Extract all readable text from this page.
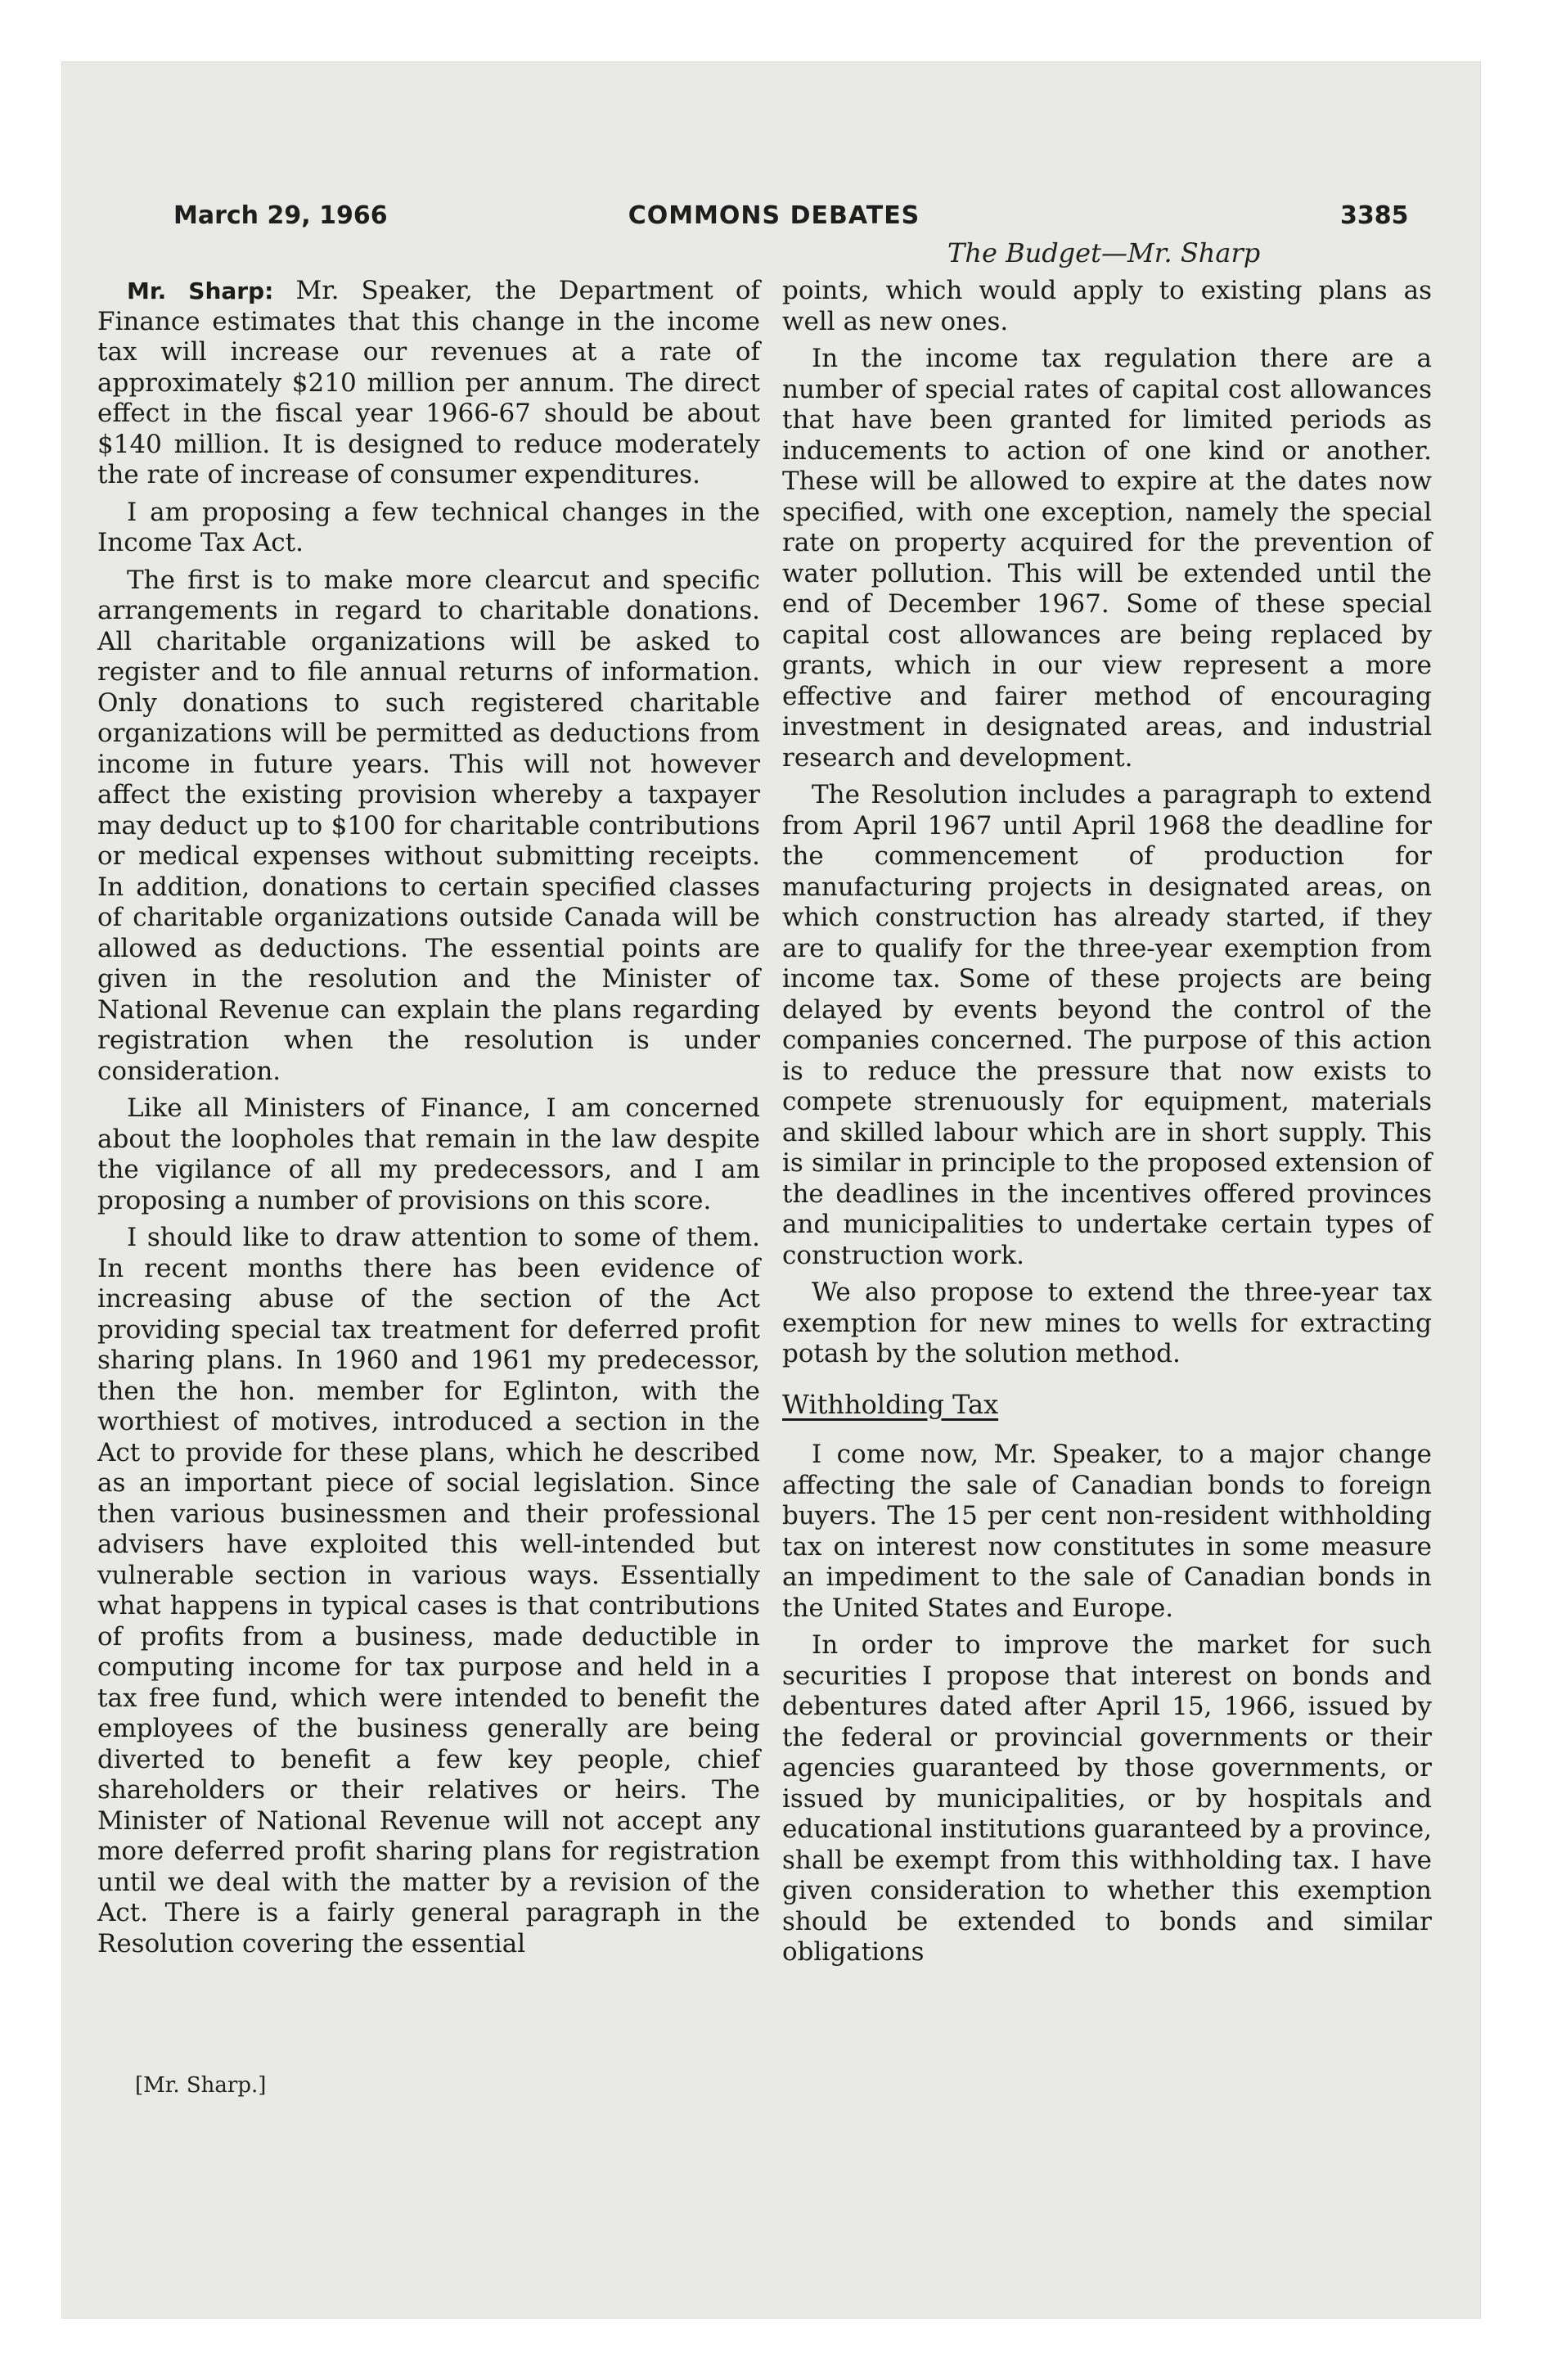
March 29, 1966	COMMONS DEBATES	3385
The Budget—Mr. Sharp

Mr. Sharp: Mr. Speaker, the Department of Finance estimates that this change in the income tax will increase our revenues at a rate of approximately $210 million per annum. The direct effect in the fiscal year 1966-67 should be about $140 million. It is designed to reduce moderately the rate of increase of consumer expenditures.

I am proposing a few technical changes in the Income Tax Act.

The first is to make more clearcut and specific arrangements in regard to charitable donations. All charitable organizations will be asked to register and to file annual returns of information. Only donations to such registered charitable organizations will be permitted as deductions from income in future years. This will not however affect the existing provision whereby a taxpayer may deduct up to $100 for charitable contributions or medical expenses without submitting receipts. In addition, donations to certain specified classes of charitable organizations outside Canada will be allowed as deductions. The essential points are given in the resolution and the Minister of National Revenue can explain the plans regarding registration when the resolution is under consideration.

Like all Ministers of Finance, I am concerned about the loopholes that remain in the law despite the vigilance of all my predecessors, and I am proposing a number of provisions on this score.

I should like to draw attention to some of them. In recent months there has been evidence of increasing abuse of the section of the Act providing special tax treatment for deferred profit sharing plans. In 1960 and 1961 my predecessor, then the hon. member for Eglinton, with the worthiest of motives, introduced a section in the Act to provide for these plans, which he described as an important piece of social legislation. Since then various businessmen and their professional advisers have exploited this well-intended but vulnerable section in various ways. Essentially what happens in typical cases is that contributions of profits from a business, made deductible in computing income for tax purpose and held in a tax free fund, which were intended to benefit the employees of the business generally are being diverted to benefit a few key people, chief shareholders or their relatives or heirs. The Minister of National Revenue will not accept any more deferred profit sharing plans for registration until we deal with the matter by a revision of the Act. There is a fairly general paragraph in the Resolution covering the essential

points, which would apply to existing plans as well as new ones.

In the income tax regulation there are a number of special rates of capital cost allowances that have been granted for limited periods as inducements to action of one kind or another. These will be allowed to expire at the dates now specified, with one exception, namely the special rate on property acquired for the prevention of water pollution. This will be extended until the end of December 1967. Some of these special capital cost allowances are being replaced by grants, which in our view represent a more effective and fairer method of encouraging investment in designated areas, and industrial research and development.

The Resolution includes a paragraph to extend from April 1967 until April 1968 the deadline for the commencement of production for manufacturing projects in designated areas, on which construction has already started, if they are to qualify for the three-year exemption from income tax. Some of these projects are being delayed by events beyond the control of the companies concerned. The purpose of this action is to reduce the pressure that now exists to compete strenuously for equipment, materials and skilled labour which are in short supply. This is similar in principle to the proposed extension of the deadlines in the incentives offered provinces and municipalities to undertake certain types of construction work.

We also propose to extend the three-year tax exemption for new mines to wells for extracting potash by the solution method.

Withholding Tax

I come now, Mr. Speaker, to a major change affecting the sale of Canadian bonds to foreign buyers. The 15 per cent non-resident withholding tax on interest now constitutes in some measure an impediment to the sale of Canadian bonds in the United States and Europe.

In order to improve the market for such securities I propose that interest on bonds and debentures dated after April 15, 1966, issued by the federal or provincial governments or their agencies guaranteed by those governments, or issued by municipalities, or by hospitals and educational institutions guaranteed by a province, shall be exempt from this withholding tax. I have given consideration to whether this exemption should be extended to bonds and similar obligations

[Mr. Sharp.]
